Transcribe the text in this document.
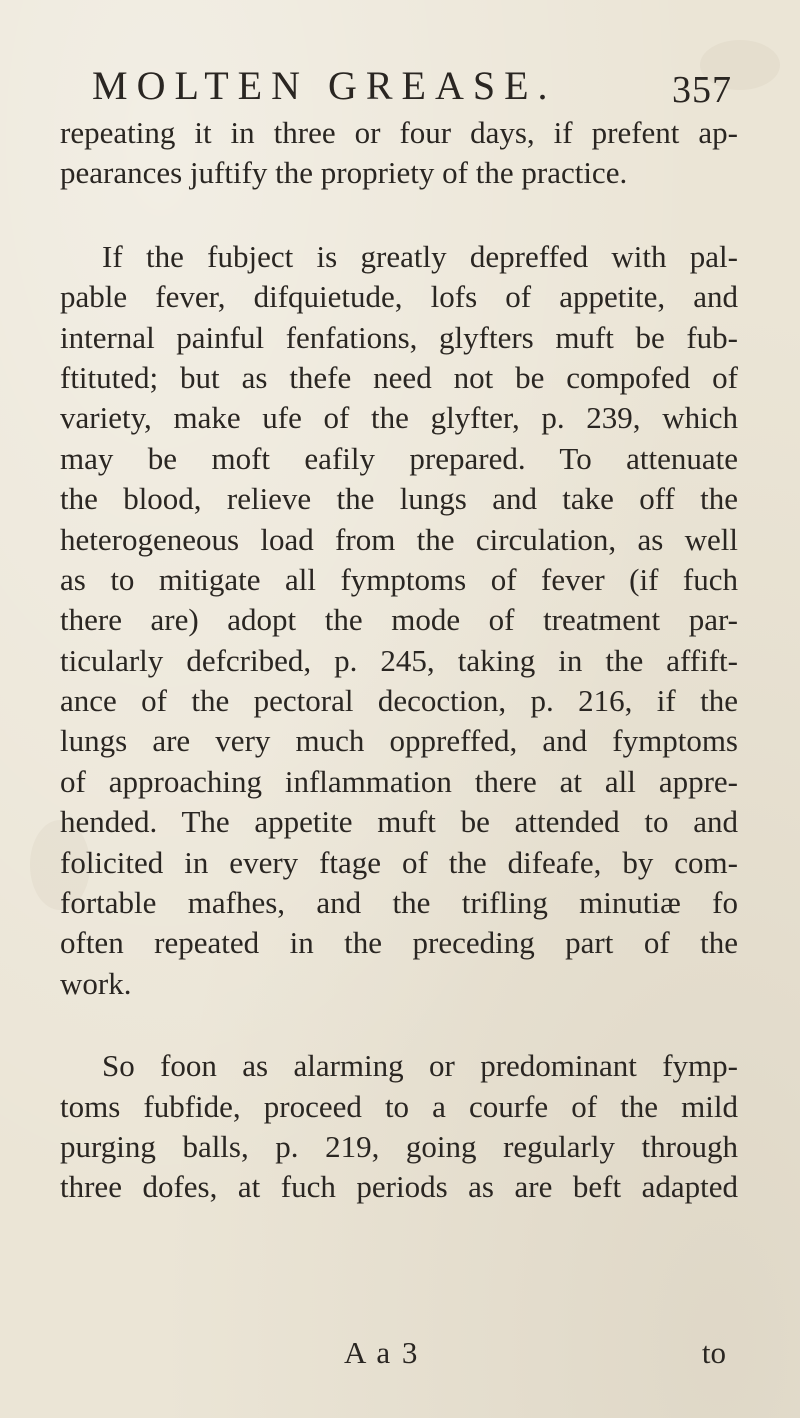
MOLTEN GREASE.	357
repeating it in three or four days, if prefent ap-
pearances juftify the propriety of the practice.
If the fubject is greatly depreffed with pal-
pable fever, difquietude, lofs of appetite, and
internal painful fenfations, glyfters muft be fub-
ftituted; but as thefe need not be compofed of
variety, make ufe of the glyfter, p. 239, which
may be moft eafily prepared. To attenuate
the blood, relieve the lungs and take off the
heterogeneous load from the circulation, as well
as to mitigate all fymptoms of fever (if fuch
there are) adopt the mode of treatment par-
ticularly defcribed, p. 245, taking in the affift-
ance of the pectoral decoction, p. 216, if the
lungs are very much oppreffed, and fymptoms
of approaching inflammation there at all appre-
hended. The appetite muft be attended to and
folicited in every ftage of the difeafe, by com-
fortable mafhes, and the trifling minutiæ fo
often repeated in the preceding part of the
work.
So foon as alarming or predominant fymp-
toms fubfide, proceed to a courfe of the mild
purging balls, p. 219, going regularly through
three dofes, at fuch periods as are beft adapted
A a 3	to
